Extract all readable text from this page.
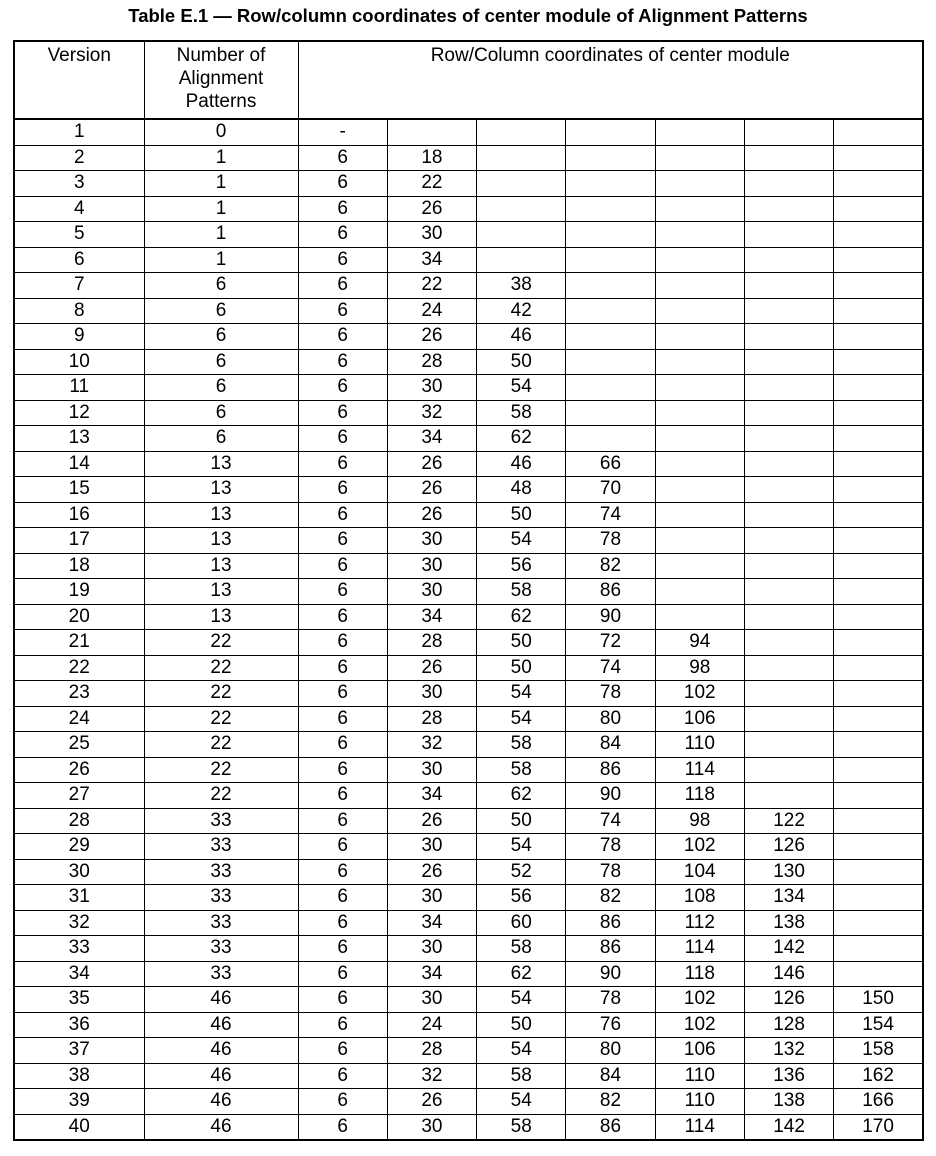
Table E.1 — Row/column coordinates of center module of Alignment Patterns
Version	Number of Alignment Patterns	Row/Column coordinates of center module						
1	0	-						
2	1	6	18					
3	1	6	22					
4	1	6	26					
5	1	6	30					
6	1	6	34					
7	6	6	22	38				
8	6	6	24	42				
9	6	6	26	46				
10	6	6	28	50				
11	6	6	30	54				
12	6	6	32	58				
13	6	6	34	62				
14	13	6	26	46	66			
15	13	6	26	48	70			
16	13	6	26	50	74			
17	13	6	30	54	78			
18	13	6	30	56	82			
19	13	6	30	58	86			
20	13	6	34	62	90			
21	22	6	28	50	72	94		
22	22	6	26	50	74	98		
23	22	6	30	54	78	102		
24	22	6	28	54	80	106		
25	22	6	32	58	84	110		
26	22	6	30	58	86	114		
27	22	6	34	62	90	118		
28	33	6	26	50	74	98	122	
29	33	6	30	54	78	102	126	
30	33	6	26	52	78	104	130	
31	33	6	30	56	82	108	134	
32	33	6	34	60	86	112	138	
33	33	6	30	58	86	114	142	
34	33	6	34	62	90	118	146	
35	46	6	30	54	78	102	126	150
36	46	6	24	50	76	102	128	154
37	46	6	28	54	80	106	132	158
38	46	6	32	58	84	110	136	162
39	46	6	26	54	82	110	138	166
40	46	6	30	58	86	114	142	170
